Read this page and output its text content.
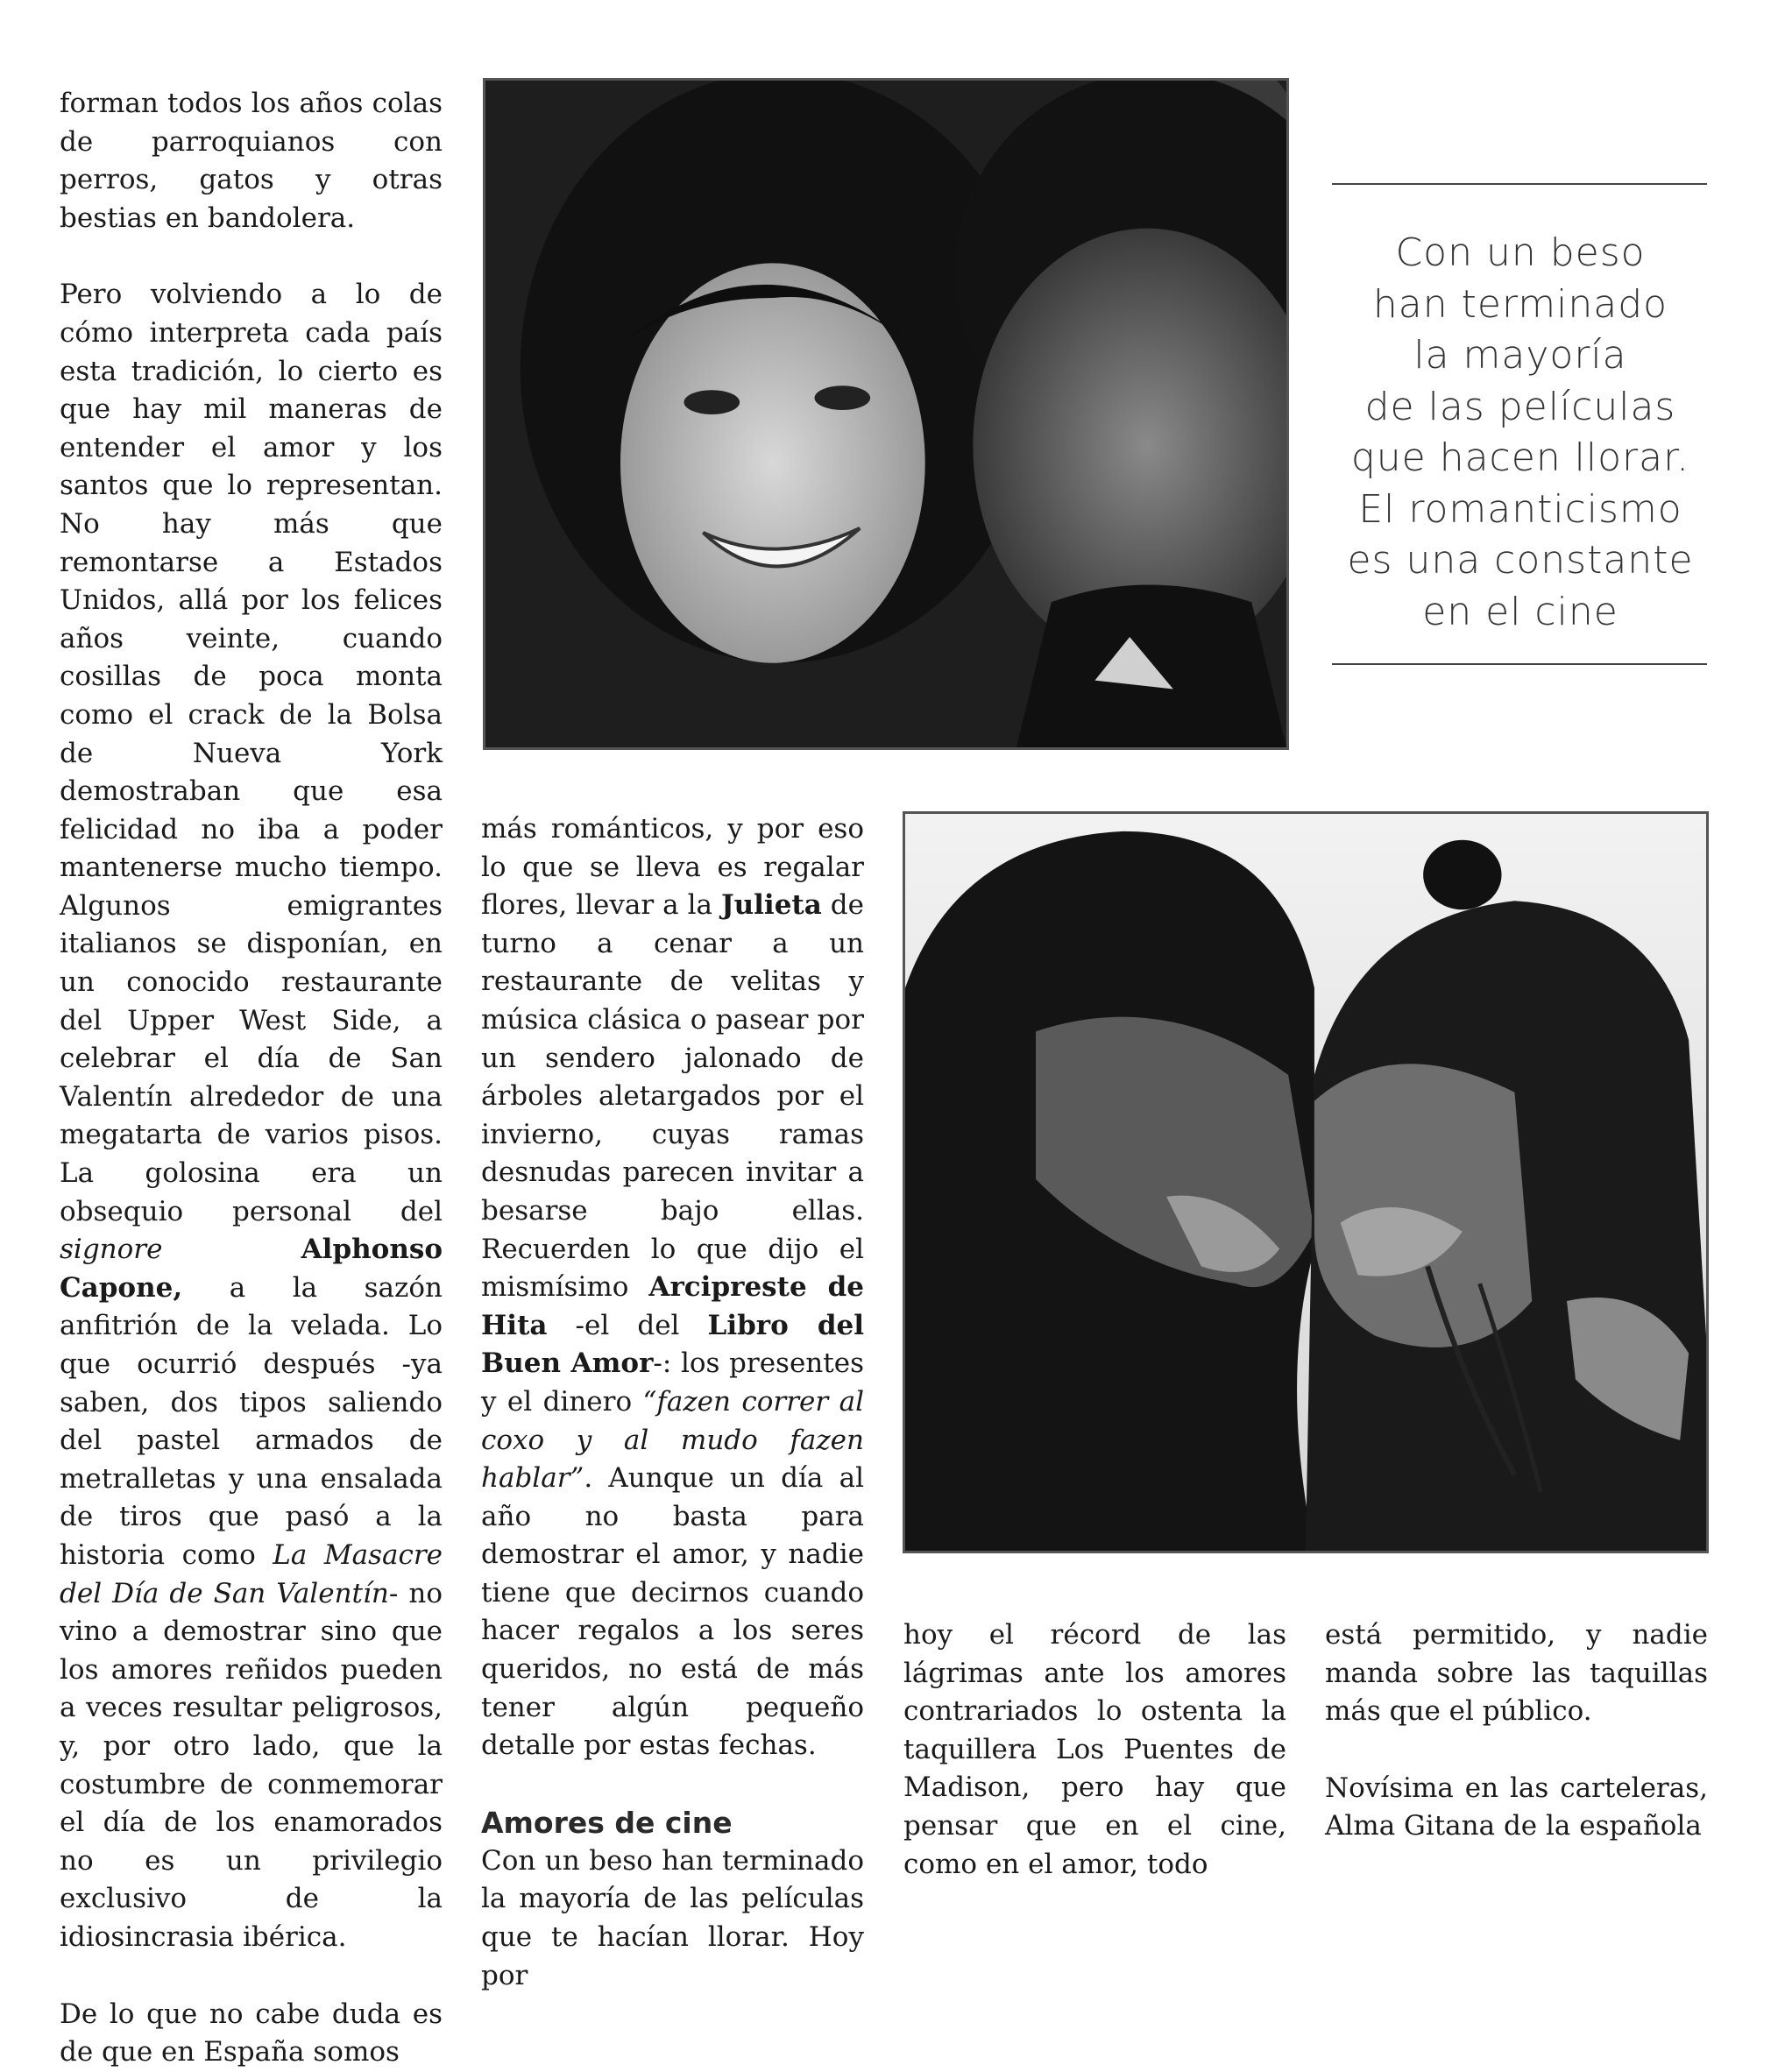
forman todos los años colas de parroquianos con perros, gatos y otras bestias en bandolera.

Pero volviendo a lo de cómo interpreta cada país esta tradición, lo cierto es que hay mil maneras de entender el amor y los santos que lo representan. No hay más que remontarse a Estados Unidos, allá por los felices años veinte, cuando cosillas de poca monta como el crack de la Bolsa de Nueva York demostraban que esa felicidad no iba a poder mantenerse mucho tiempo. Algunos emigrantes italianos se disponían, en un conocido restaurante del Upper West Side, a celebrar el día de San Valentín alrededor de una megatarta de varios pisos. La golosina era un obsequio personal del signore	Alphonso Capone, a la sazón anfitrión de la velada. Lo que ocurrió después -ya saben, dos tipos saliendo del pastel armados de metralletas y una ensalada de tiros que pasó a la historia como La Masacre del Día de San Valentín- no vino a demostrar sino que los amores reñidos pueden a veces resultar peligrosos, y, por otro lado, que la costumbre de conmemorar el día de los enamorados no es un privilegio exclusivo de la idiosincrasia ibérica.

De lo que no cabe duda es de que en España somos

Con un beso
han terminado
la mayoría
de las películas
que hacen llorar.
El romanticismo
es una constante
en el cine

más románticos, y por eso lo que se lleva es regalar flores, llevar a la Julieta de turno a cenar a un restaurante de velitas y música clásica o pasear por un sendero jalonado de árboles aletargados por el invierno, cuyas ramas desnudas parecen invitar a besarse bajo ellas. Recuerden lo que dijo el mismísimo Arcipreste de Hita -el del Libro del Buen Amor-: los presentes y el dinero “fazen correr al coxo y al mudo fazen hablar”. Aunque un día al año no basta para demostrar el amor, y nadie tiene que decirnos cuando hacer regalos a los seres queridos, no está de más tener algún pequeño detalle por estas fechas.

Amores de cine

Con un beso han terminado la mayoría de las películas que te hacían llorar. Hoy por

hoy el récord de las lágrimas ante los amores contrariados lo ostenta la taquillera Los Puentes de Madison, pero hay que pensar que en el cine, como en el amor, todo

está permitido, y nadie manda sobre las taquillas más que el público.

Novísima en las carteleras, Alma Gitana de la española
